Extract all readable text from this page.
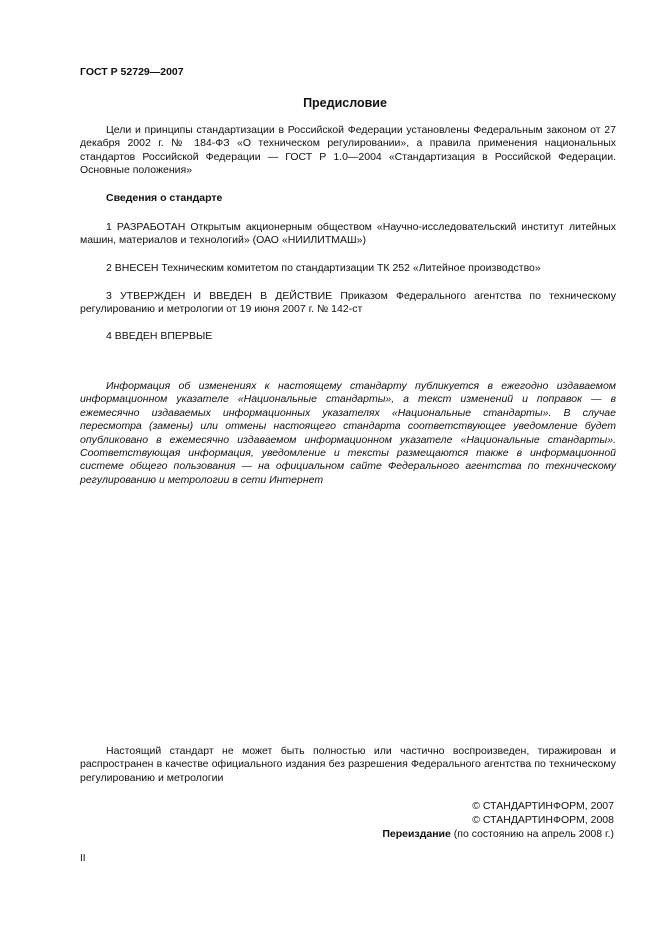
ГОСТ Р 52729—2007
Предисловие
Цели и принципы стандартизации в Российской Федерации установлены Федеральным законом от 27 декабря 2002 г. № 184-ФЗ «О техническом регулировании», а правила применения национальных стандартов Российской Федерации — ГОСТ Р 1.0—2004 «Стандартизация в Российской Федерации. Основные положения»
Сведения о стандарте
1 РАЗРАБОТАН Открытым акционерным обществом «Научно-исследовательский институт литейных машин, материалов и технологий» (ОАО «НИИЛИТМАШ»)
2 ВНЕСЕН Техническим комитетом по стандартизации ТК 252 «Литейное производство»
3 УТВЕРЖДЕН И ВВЕДЕН В ДЕЙСТВИЕ Приказом Федерального агентства по техническому регулированию и метрологии от 19 июня 2007 г. № 142-ст
4 ВВЕДЕН ВПЕРВЫЕ
Информация об изменениях к настоящему стандарту публикуется в ежегодно издаваемом информационном указателе «Национальные стандарты», а текст изменений и поправок — в ежемесячно издаваемых информационных указателях «Национальные стандарты». В случае пересмотра (замены) или отмены настоящего стандарта соответствующее уведомление будет опубликовано в ежемесячно издаваемом информационном указателе «Национальные стандарты». Соответствующая информация, уведомление и тексты размещаются также в информационной системе общего пользования — на официальном сайте Федерального агентства по техническому регулированию и метрологии в сети Интернет
Настоящий стандарт не может быть полностью или частично воспроизведен, тиражирован и распространен в качестве официального издания без разрешения Федерального агентства по техническому регулированию и метрологии
© СТАНДАРТИНФОРМ, 2007
© СТАНДАРТИНФОРМ, 2008
Переиздание (по состоянию на апрель 2008 г.)
II
